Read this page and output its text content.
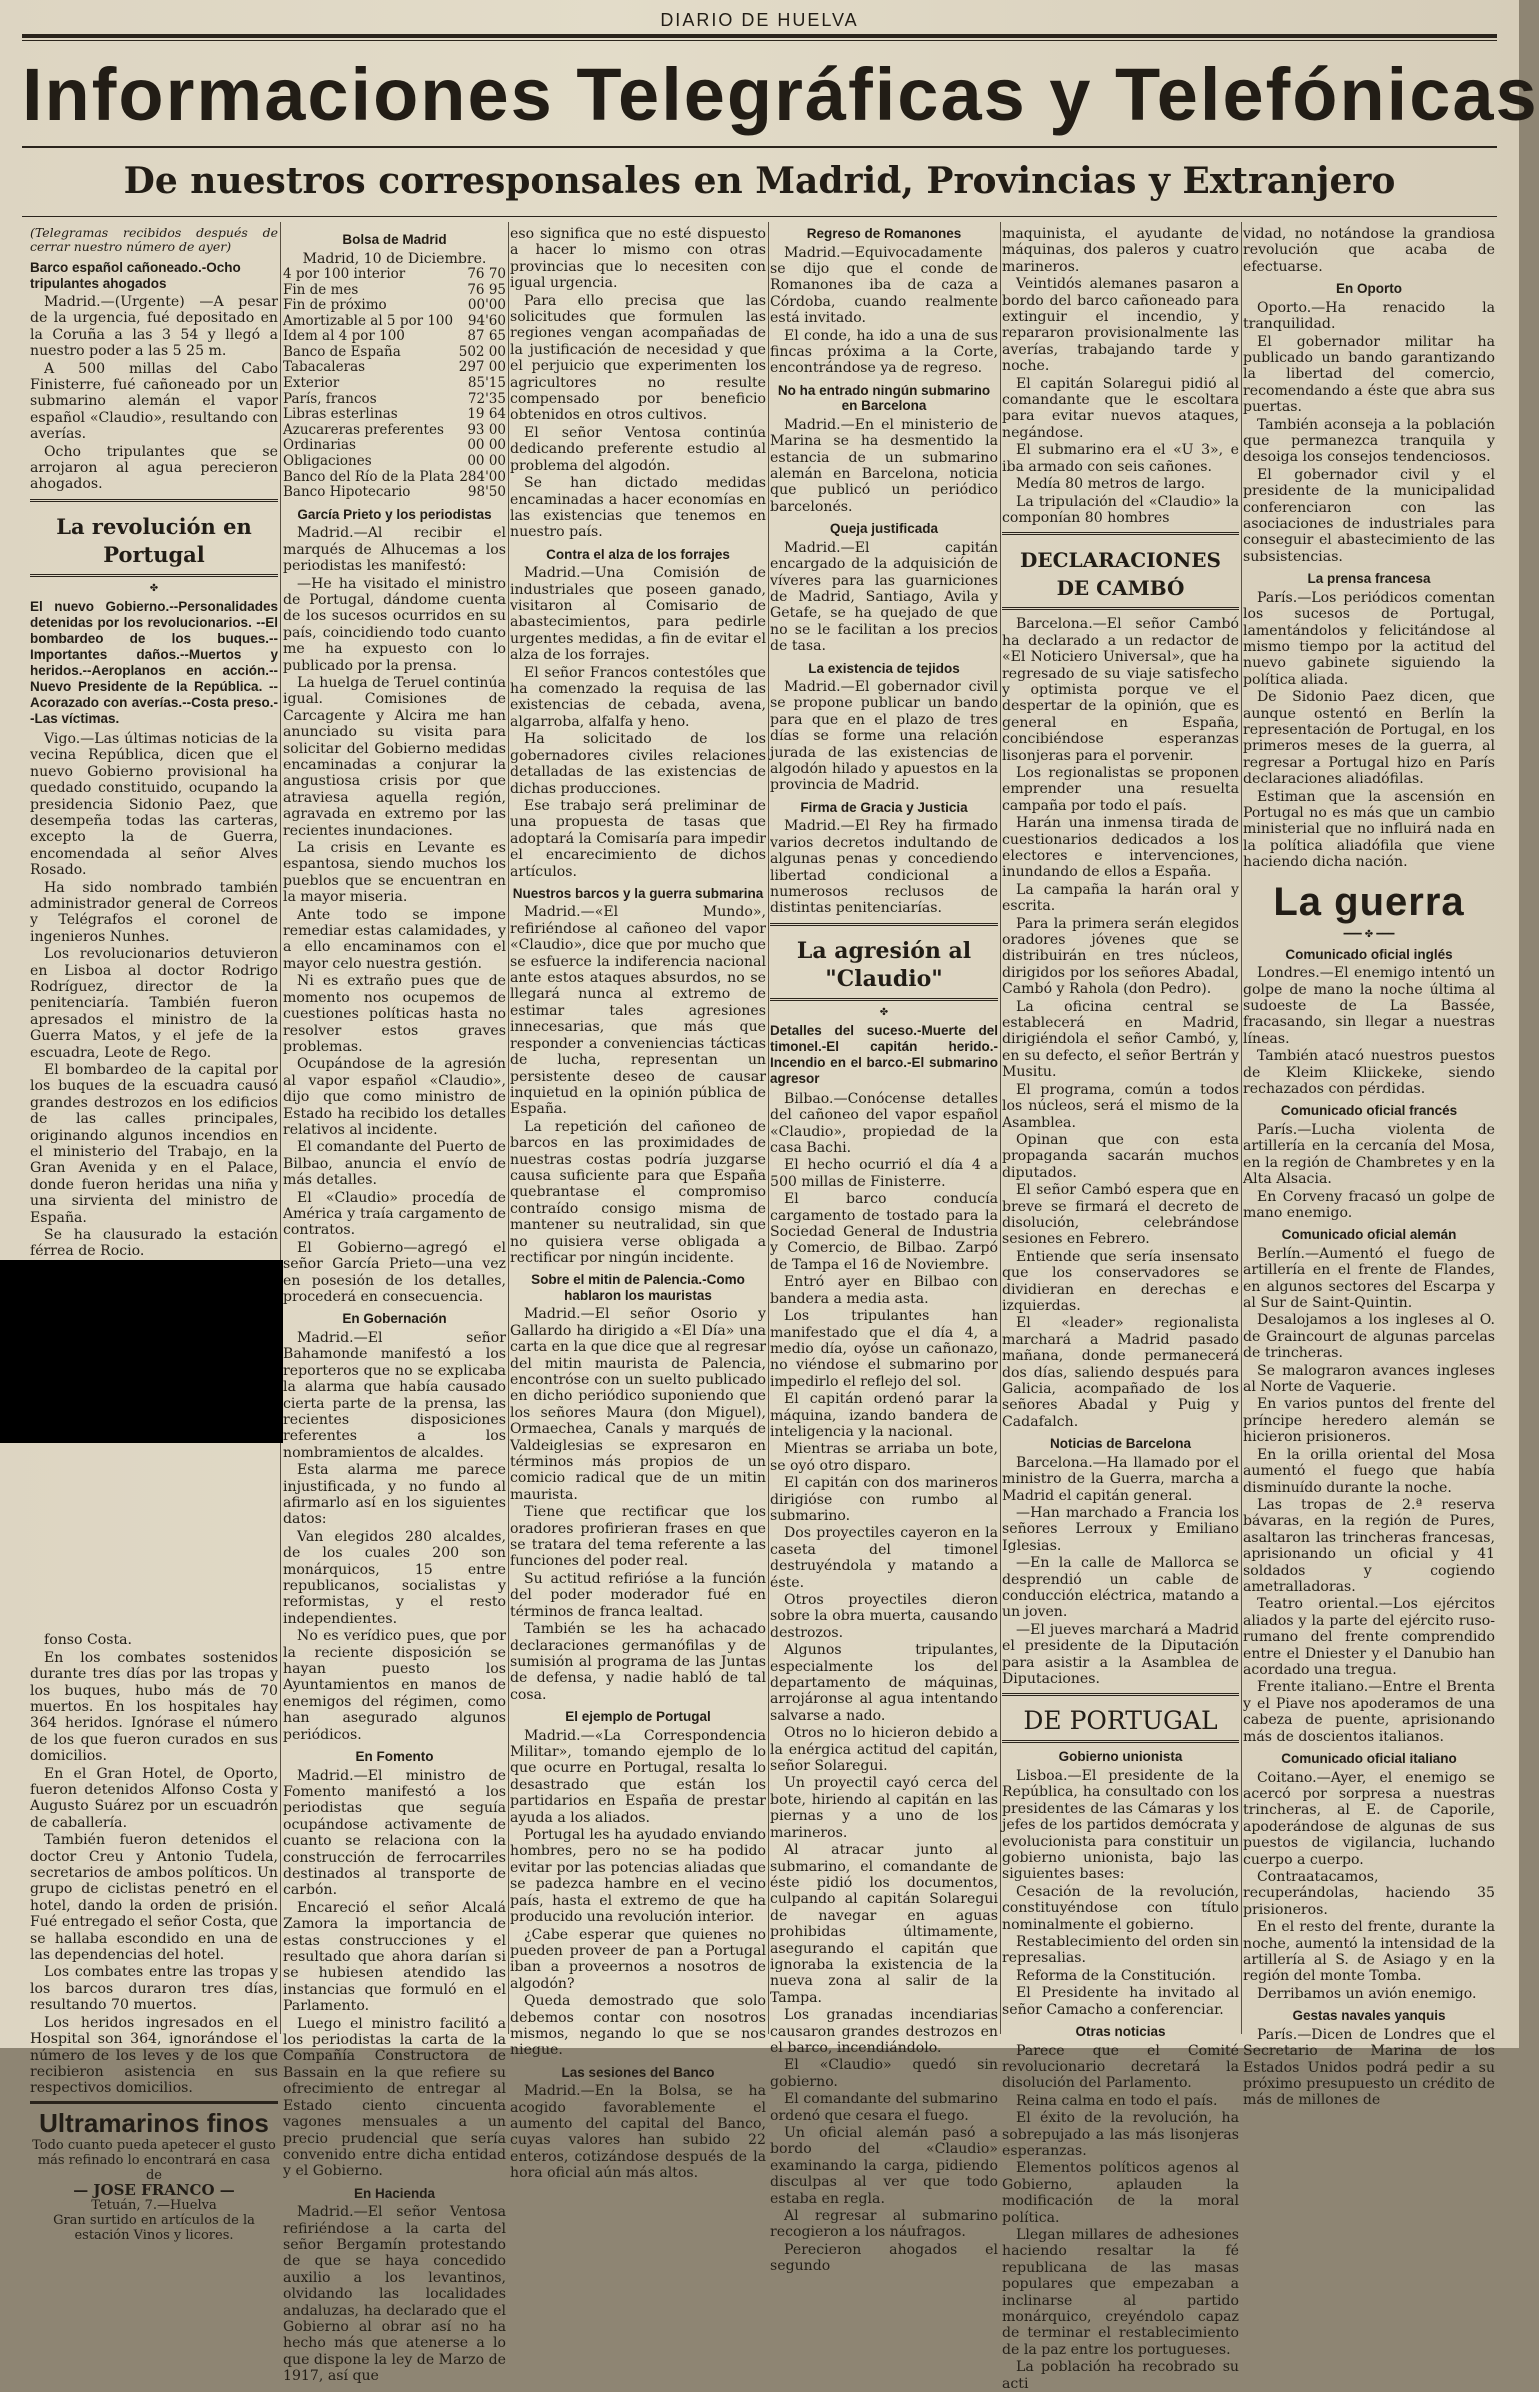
DIARIO DE HUELVA
Informaciones Telegráficas y Telefónicas
De nuestros corresponsales en Madrid, Provincias y Extranjero
(Telegramas recibidos después de cerrar nuestro número de ayer)
Barco español cañoneado.-Ocho tripulantes ahogados

Madrid.—(Urgente) —A pesar de la urgencia, fué depositado en la Coruña a las 3 54 y llegó a nuestro poder a las 5 25 m.

A 500 millas del Cabo Finisterre, fué cañoneado por un submarino alemán el vapor español «Claudio», resultando con averías.

Ocho tripulantes que se arrojaron al agua perecieron ahogados.

La revolución en Portugal
✤
El nuevo Gobierno.--Personalidades detenidas por los revolucionarios. --El bombardeo de los buques.-- Importantes daños.--Muertos y heridos.--Aeroplanos en acción.-- Nuevo Presidente de la República. --Acorazado con averías.--Costa preso.--Las víctimas.

Vigo.—Las últimas noticias de la vecina República, dicen que el nuevo Gobierno provisional ha quedado constituido, ocupando la presidencia Sidonio Paez, que desempeña todas las carteras, excepto la de Guerra, encomendada al señor Alves Rosado.

Ha sido nombrado también administrador general de Correos y Telégrafos el coronel de ingenieros Nunhes.

Los revolucionarios detuvieron en Lisboa al doctor Rodrigo Rodríguez, director de la penitenciaría. También fueron apresados el ministro de la Guerra Matos, y el jefe de la escuadra, Leote de Rego.

El bombardeo de la capital por los buques de la escuadra causó grandes destrozos en los edificios de las calles principales, originando algunos incendios en el ministerio del Trabajo, en la Gran Avenida y en el Palace, donde fueron heridas una niña y una sirvienta del ministro de España.

Se ha clausurado la estación férrea de Rocio.

fonso Costa.

En los combates sostenidos durante tres días por las tropas y los buques, hubo más de 70 muertos. En los hospitales hay 364 heridos. Ignórase el número de los que fueron curados en sus domicilios.

En el Gran Hotel, de Oporto, fueron detenidos Alfonso Costa y Augusto Suárez por un escuadrón de caballería.

También fueron detenidos el doctor Creu y Antonio Tudela, secretarios de ambos políticos. Un grupo de ciclistas penetró en el hotel, dando la orden de prisión. Fué entregado el señor Costa, que se hallaba escondido en una de las dependencias del hotel.

Los combates entre las tropas y los barcos duraron tres días, resultando 70 muertos.

Los heridos ingresados en el Hospital son 364, ignorándose el número de los leves y de los que recibieron asistencia en sus respectivos domicilios.

Ultramarinos finos
Todo cuanto pueda apetecer el gusto más refinado lo encontrará en casa de
— JOSE FRANCO —
Tetuán, 7.—Huelva
Gran surtido en artículos de la estación Vinos y licores.
Bolsa de Madrid
Madrid, 10 de Diciembre.
4 por 100 interior	76 70
Fin de mes	76 95
Fin de próximo	00'00
Amortizable al 5 por 100	94'60
Idem al 4 por 100	87 65
Banco de España	502 00
Tabacaleras	297 00
Exterior	85'15
París, francos	72'35
Libras esterlinas	19 64
Azucareras preferentes	93 00
Ordinarias	00 00
Obligaciones	00 00
Banco del Río de la Plata	284'00
Banco Hipotecario	98'50
García Prieto y los periodistas

Madrid.—Al recibir el marqués de Alhucemas a los periodistas les manifestó:

—He ha visitado el ministro de Portugal, dándome cuenta de los sucesos ocurridos en su país, coincidiendo todo cuanto me ha expuesto con lo publicado por la prensa.

La huelga de Teruel continúa igual. Comisiones de Carcagente y Alcira me han anunciado su visita para solicitar del Gobierno medidas encaminadas a conjurar la angustiosa crisis por que atraviesa aquella región, agravada en extremo por las recientes inundaciones.

La crisis en Levante es espantosa, siendo muchos los pueblos que se encuentran en la mayor miseria.

Ante todo se impone remediar estas calamidades, y a ello encaminamos con el mayor celo nuestra gestión.

Ni es extraño pues que de momento nos ocupemos de cuestiones políticas hasta no resolver estos graves problemas.

Ocupándose de la agresión al vapor español «Claudio», dijo que como ministro de Estado ha recibido los detalles relativos al incidente.

El comandante del Puerto de Bilbao, anuncia el envío de más detalles.

El «Claudio» procedía de América y traía cargamento de contratos.

El Gobierno—agregó el señor García Prieto—una vez en posesión de los detalles, procederá en consecuencia.

En Gobernación

Madrid.—El señor Bahamonde manifestó a los reporteros que no se explicaba la alarma que había causado cierta parte de la prensa, las recientes disposiciones referentes a los nombramientos de alcaldes.

Esta alarma me parece injustificada, y no fundo al afirmarlo así en los siguientes datos:

Van elegidos 280 alcaldes, de los cuales 200 son monárquicos, 15 entre republicanos, socialistas y reformistas, y el resto independientes.

No es verídico pues, que por la reciente disposición se hayan puesto los Ayuntamientos en manos de enemigos del régimen, como han asegurado algunos periódicos.

En Fomento

Madrid.—El ministro de Fomento manifestó a los periodistas que seguía ocupándose activamente de cuanto se relaciona con la construcción de ferrocarriles destinados al transporte de carbón.

Encareció el señor Alcalá Zamora la importancia de estas construcciones y el resultado que ahora darían si se hubiesen atendido las instancias que formuló en el Parlamento.

Luego el ministro facilitó a los periodistas la carta de la Compañía Constructora de Bassain en la que refiere su ofrecimiento de entregar al Estado ciento cincuenta vagones mensuales a un precio prudencial que sería convenido entre dicha entidad y el Gobierno.

En Hacienda

Madrid.—El señor Ventosa refiriéndose a la carta del señor Bergamín protestando de que se haya concedido auxilio a los levantinos, olvidando las localidades andaluzas, ha declarado que el Gobierno al obrar así no ha hecho más que atenerse a lo que dispone la ley de Marzo de 1917, así que

eso significa que no esté dispuesto a hacer lo mismo con otras provincias que lo necesiten con igual urgencia.

Para ello precisa que las solicitudes que formulen las regiones vengan acompañadas de la justificación de necesidad y que el perjuicio que experimenten los agricultores no resulte compensado por beneficio obtenidos en otros cultivos.

El señor Ventosa continúa dedicando preferente estudio al problema del algodón.

Se han dictado medidas encaminadas a hacer economías en las existencias que tenemos en nuestro país.

Contra el alza de los forrajes

Madrid.—Una Comisión de industriales que poseen ganado, visitaron al Comisario de abastecimientos, para pedirle urgentes medidas, a fin de evitar el alza de los forrajes.

El señor Francos contestóles que ha comenzado la requisa de las existencias de cebada, avena, algarroba, alfalfa y heno.

Ha solicitado de los gobernadores civiles relaciones detalladas de las existencias de dichas producciones.

Ese trabajo será preliminar de una propuesta de tasas que adoptará la Comisaría para impedir el encarecimiento de dichos artículos.

Nuestros barcos y la guerra submarina

Madrid.—«El Mundo», refiriéndose al cañoneo del vapor «Claudio», dice que por mucho que se esfuerce la indiferencia nacional ante estos ataques absurdos, no se llegará nunca al extremo de estimar tales agresiones innecesarias, que más que responder a conveniencias tácticas de lucha, representan un persistente deseo de causar inquietud en la opinión pública de España.

La repetición del cañoneo de barcos en las proximidades de nuestras costas podría juzgarse causa suficiente para que España quebrantase el compromiso contraído consigo misma de mantener su neutralidad, sin que no quisiera verse obligada a rectificar por ningún incidente.

Sobre el mitin de Palencia.-Como hablaron los mauristas

Madrid.—El señor Osorio y Gallardo ha dirigido a «El Día» una carta en la que dice que al regresar del mitin maurista de Palencia, encontróse con un suelto publicado en dicho periódico suponiendo que los señores Maura (don Miguel), Ormaechea, Canals y marqués de Valdeiglesias se expresaron en términos más propios de un comicio radical que de un mitin maurista.

Tiene que rectificar que los oradores profirieran frases en que se tratara del tema referente a las funciones del poder real.

Su actitud refirióse a la función del poder moderador fué en términos de franca lealtad.

También se les ha achacado declaraciones germanófilas y de sumisión al programa de las Juntas de defensa, y nadie habló de tal cosa.

El ejemplo de Portugal

Madrid.—«La Correspondencia Militar», tomando ejemplo de lo que ocurre en Portugal, resalta lo desastrado que están los partidarios en España de prestar ayuda a los aliados.

Portugal les ha ayudado enviando hombres, pero no se ha podido evitar por las potencias aliadas que se padezca hambre en el vecino país, hasta el extremo de que ha producido una revolución interior.

¿Cabe esperar que quienes no pueden proveer de pan a Portugal iban a proveernos a nosotros de algodón?

Queda demostrado que solo debemos contar con nosotros mismos, negando lo que se nos niegue.

Las sesiones del Banco

Madrid.—En la Bolsa, se ha acogido favorablemente el aumento del capital del Banco, cuyas valores han subido 22 enteros, cotizándose después de la hora oficial aún más altos.

Regreso de Romanones

Madrid.—Equivocadamente se dijo que el conde de Romanones iba de caza a Córdoba, cuando realmente está invitado.

El conde, ha ido a una de sus fincas próxima a la Corte, encontrándose ya de regreso.

No ha entrado ningún submarino en Barcelona

Madrid.—En el ministerio de Marina se ha desmentido la estancia de un submarino alemán en Barcelona, noticia que publicó un periódico barcelonés.

Queja justificada

Madrid.—El capitán encargado de la adquisición de víveres para las guarniciones de Madrid, Santiago, Avila y Getafe, se ha quejado de que no se le facilitan a los precios de tasa.

La existencia de tejidos

Madrid.—El gobernador civil se propone publicar un bando para que en el plazo de tres días se forme una relación jurada de las existencias de algodón hilado y apuestos en la provincia de Madrid.

Firma de Gracia y Justicia

Madrid.—El Rey ha firmado varios decretos indultando de algunas penas y concediendo libertad condicional a numerosos reclusos de distintas penitenciarías.

La agresión al "Claudio"
✤
Detalles del suceso.-Muerte del timonel.-El capitán herido.-Incendio en el barco.-El submarino agresor

Bilbao.—Conócense detalles del cañoneo del vapor español «Claudio», propiedad de la casa Bachi.

El hecho ocurrió el día 4 a 500 millas de Finisterre.

El barco conducía cargamento de tostado para la Sociedad General de Industria y Comercio, de Bilbao. Zarpó de Tampa el 16 de Noviembre.

Entró ayer en Bilbao con bandera a media asta.

Los tripulantes han manifestado que el día 4, a medio día, oyóse un cañonazo, no viéndose el submarino por impedirlo el reflejo del sol.

El capitán ordenó parar la máquina, izando bandera de inteligencia y la nacional.

Mientras se arriaba un bote, se oyó otro disparo.

El capitán con dos marineros dirigióse con rumbo al submarino.

Dos proyectiles cayeron en la caseta del timonel destruyéndola y matando a éste.

Otros proyectiles dieron sobre la obra muerta, causando destrozos.

Algunos tripulantes, especialmente los del departamento de máquinas, arrojáronse al agua intentando salvarse a nado.

Otros no lo hicieron debido a la enérgica actitud del capitán, señor Solaregui.

Un proyectil cayó cerca del bote, hiriendo al capitán en las piernas y a uno de los marineros.

Al atracar junto al submarino, el comandante de éste pidió los documentos, culpando al capitán Solaregui de navegar en aguas prohibidas últimamente, asegurando el capitán que ignoraba la existencia de la nueva zona al salir de la Tampa.

Los granadas incendiarias causaron grandes destrozos en el barco, incendiándolo.

El «Claudio» quedó sin gobierno.

El comandante del submarino ordenó que cesara el fuego.

Un oficial alemán pasó a bordo del «Claudio» examinando la carga, pidiendo disculpas al ver que todo estaba en regla.

Al regresar al submarino recogieron a los náufragos.

Perecieron ahogados el segundo

maquinista, el ayudante de máquinas, dos paleros y cuatro marineros.

Veintidós alemanes pasaron a bordo del barco cañoneado para extinguir el incendio, y repararon provisionalmente las averías, trabajando tarde y noche.

El capitán Solaregui pidió al comandante que le escoltara para evitar nuevos ataques, negándose.

El submarino era el «U 3», e iba armado con seis cañones.

Medía 80 metros de largo.

La tripulación del «Claudio» la componían 80 hombres

DECLARACIONES DE CAMBÓ

Barcelona.—El señor Cambó ha declarado a un redactor de «El Noticiero Universal», que ha regresado de su viaje satisfecho y optimista porque ve el despertar de la opinión, que es general en España, concibiéndose esperanzas lisonjeras para el porvenir.

Los regionalistas se proponen emprender una resuelta campaña por todo el país.

Harán una inmensa tirada de cuestionarios dedicados a los electores e intervenciones, inundando de ellos a España.

La campaña la harán oral y escrita.

Para la primera serán elegidos oradores jóvenes que se distribuirán en tres núcleos, dirigidos por los señores Abadal, Cambó y Rahola (don Pedro).

La oficina central se establecerá en Madrid, dirigiéndola el señor Cambó, y, en su defecto, el señor Bertrán y Musitu.

El programa, común a todos los núcleos, será el mismo de la Asamblea.

Opinan que con esta propaganda sacarán muchos diputados.

El señor Cambó espera que en breve se firmará el decreto de disolución, celebrándose sesiones en Febrero.

Entiende que sería insensato que los conservadores se dividieran en derechas e izquierdas.

El «leader» regionalista marchará a Madrid pasado mañana, donde permanecerá dos días, saliendo después para Galicia, acompañado de los señores Abadal y Puig y Cadafalch.

Noticias de Barcelona

Barcelona.—Ha llamado por el ministro de la Guerra, marcha a Madrid el capitán general.

—Han marchado a Francia los señores Lerroux y Emiliano Iglesias.

—En la calle de Mallorca se desprendió un cable de conducción eléctrica, matando a un joven.

—El jueves marchará a Madrid el presidente de la Diputación para asistir a la Asamblea de Diputaciones.

DE PORTUGAL
Gobierno unionista

Lisboa.—El presidente de la República, ha consultado con los presidentes de las Cámaras y los jefes de los partidos demócrata y evolucionista para constituir un gobierno unionista, bajo las siguientes bases:

Cesación de la revolución, constituyéndose con título nominalmente el gobierno.

Restablecimiento del orden sin represalias.

Reforma de la Constitución.

El Presidente ha invitado al señor Camacho a conferenciar.

Otras noticias

Parece que el Comité revolucionario decretará la disolución del Parlamento.

Reina calma en todo el país.

El éxito de la revolución, ha sobrepujado a las más lisonjeras esperanzas.

Elementos políticos agenos al Gobierno, aplauden la modificación de la moral política.

Llegan millares de adhesiones haciendo resaltar la fé republicana de las masas populares que empezaban a inclinarse al partido monárquico, creyéndolo capaz de terminar el restablecimiento de la paz entre los portugueses.

La población ha recobrado su acti

vidad, no notándose la grandiosa revolución que acaba de efectuarse.

En Oporto

Oporto.—Ha renacido la tranquilidad.

El gobernador militar ha publicado un bando garantizando la libertad del comercio, recomendando a éste que abra sus puertas.

También aconseja a la población que permanezca tranquila y desoiga los consejos tendenciosos.

El gobernador civil y el presidente de la municipalidad conferenciaron con las asociaciones de industriales para conseguir el abastecimiento de las subsistencias.

La prensa francesa

París.—Los periódicos comentan los sucesos de Portugal, lamentándolos y felicitándose al mismo tiempo por la actitud del nuevo gabinete siguiendo la política aliada.

De Sidonio Paez dicen, que aunque ostentó en Berlín la representación de Portugal, en los primeros meses de la guerra, al regresar a Portugal hizo en París declaraciones aliadófilas.

Estiman que la ascensión en Portugal no es más que un cambio ministerial que no influirá nada en la política aliadófila que viene haciendo dicha nación.

La guerra
━━━ ✤ ━━━
Comunicado oficial inglés

Londres.—El enemigo intentó un golpe de mano la noche última al sudoeste de La Bassée, fracasando, sin llegar a nuestras líneas.

También atacó nuestros puestos de Kleim Kliickeke, siendo rechazados con pérdidas.

Comunicado oficial francés

París.—Lucha violenta de artillería en la cercanía del Mosa, en la región de Chambretes y en la Alta Alsacia.

En Corveny fracasó un golpe de mano enemigo.

Comunicado oficial alemán

Berlín.—Aumentó el fuego de artillería en el frente de Flandes, en algunos sectores del Escarpa y al Sur de Saint-Quintin.

Desalojamos a los ingleses al O. de Graincourt de algunas parcelas de trincheras.

Se malograron avances ingleses al Norte de Vaquerie.

En varios puntos del frente del príncipe heredero alemán se hicieron prisioneros.

En la orilla oriental del Mosa aumentó el fuego que había disminuído durante la noche.

Las tropas de 2.ª reserva bávaras, en la región de Pures, asaltaron las trincheras francesas, aprisionando un oficial y 41 soldados y cogiendo ametralladoras.

Teatro oriental.—Los ejércitos aliados y la parte del ejército ruso-rumano del frente comprendido entre el Dniester y el Danubio han acordado una tregua.

Frente italiano.—Entre el Brenta y el Piave nos apoderamos de una cabeza de puente, aprisionando más de doscientos italianos.

Comunicado oficial italiano

Coitano.—Ayer, el enemigo se acercó por sorpresa a nuestras trincheras, al E. de Caporile, apoderándose de algunas de sus puestos de vigilancia, luchando cuerpo a cuerpo.

Contraatacamos, recuperándolas, haciendo 35 prisioneros.

En el resto del frente, durante la noche, aumentó la intensidad de la artillería al S. de Asiago y en la región del monte Tomba.

Derribamos un avión enemigo.

Gestas navales yanquis

París.—Dicen de Londres que el Secretario de Marina de los Estados Unidos podrá pedir a su próximo presupuesto un crédito de más de millones de
